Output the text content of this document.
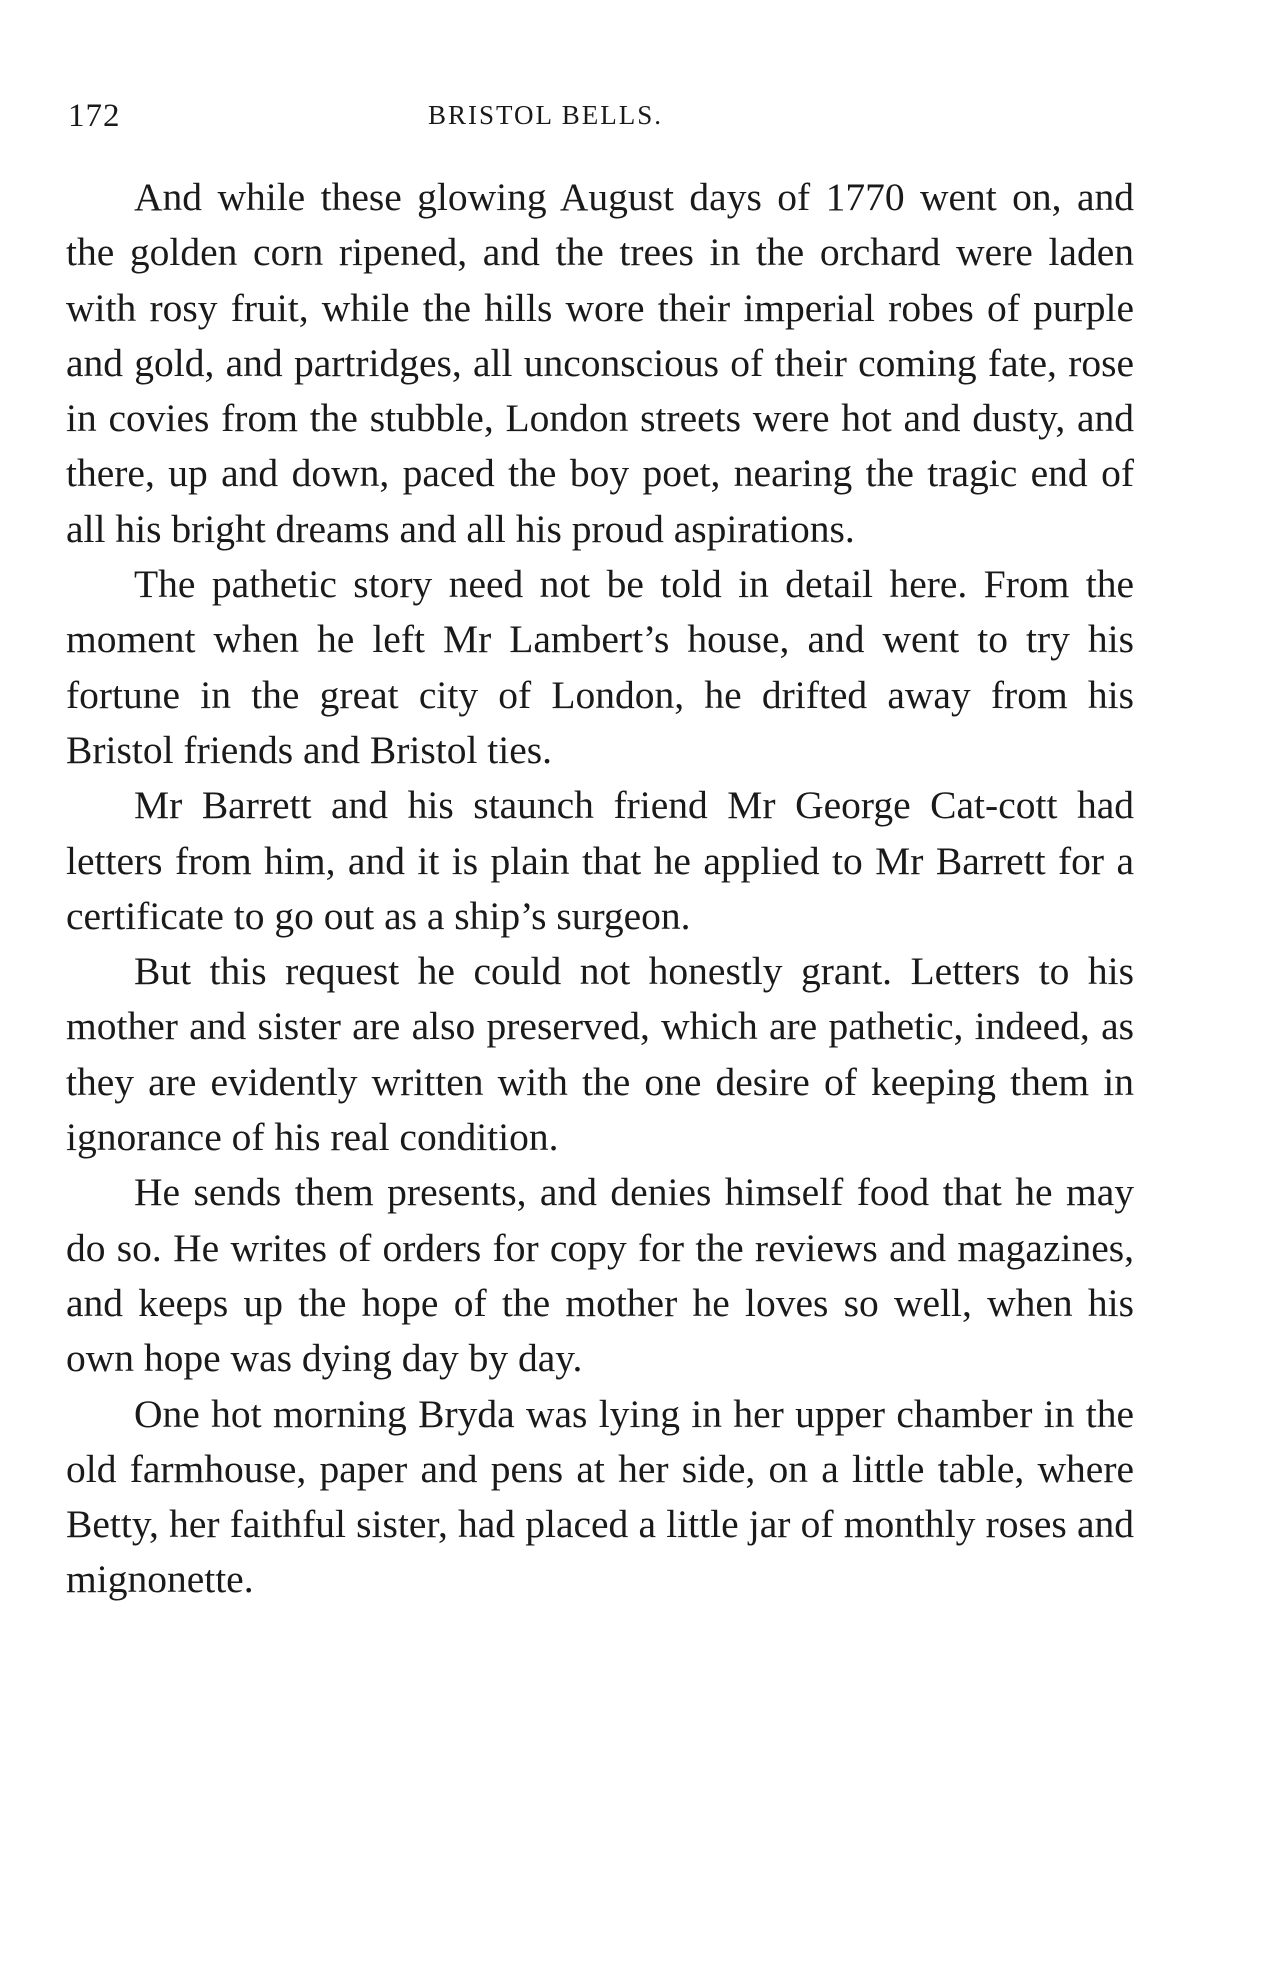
172	BRISTOL BELLS.

And while these glowing August days of 1770 went on, and the golden corn ripened, and the trees in the orchard were laden with rosy fruit, while the hills wore their imperial robes of purple and gold, and partridges, all unconscious of their coming fate, rose in covies from the stubble, London streets were hot and dusty, and there, up and down, paced the boy poet, nearing the tragic end of all his bright dreams and all his proud aspirations.

The pathetic story need not be told in detail here. From the moment when he left Mr Lambert’s house, and went to try his fortune in the great city of London, he drifted away from his Bristol friends and Bristol ties.

Mr Barrett and his staunch friend Mr George Cat-cott had letters from him, and it is plain that he applied to Mr Barrett for a certificate to go out as a ship’s surgeon.

But this request he could not honestly grant. Letters to his mother and sister are also preserved, which are pathetic, indeed, as they are evidently written with the one desire of keeping them in ignorance of his real condition.

He sends them presents, and denies himself food that he may do so. He writes of orders for copy for the reviews and magazines, and keeps up the hope of the mother he loves so well, when his own hope was dying day by day.

One hot morning Bryda was lying in her upper chamber in the old farmhouse, paper and pens at her side, on a little table, where Betty, her faithful sister, had placed a little jar of monthly roses and mignonette.
